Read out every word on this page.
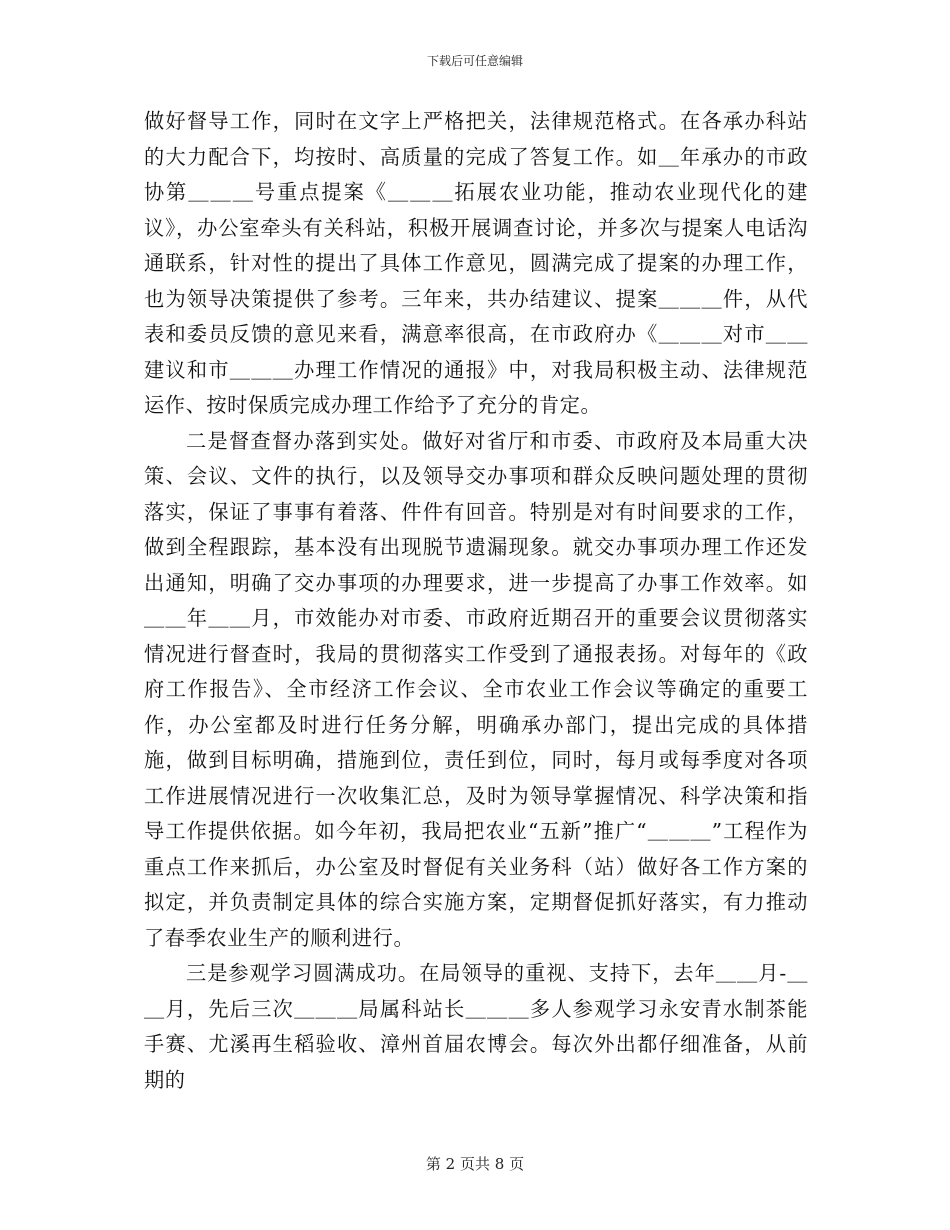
下载后可任意编辑

做好督导工作，同时在文字上严格把关，法律规范格式。在各承办科站的大力配合下，均按时、高质量的完成了答复工作。如＿年承办的市政协第＿＿＿号重点提案《＿＿＿拓展农业功能，推动农业现代化的建议》，办公室牵头有关科站，积极开展调查讨论，并多次与提案人电话沟通联系，针对性的提出了具体工作意见，圆满完成了提案的办理工作，也为领导决策提供了参考。三年来，共办结建议、提案＿＿＿件，从代表和委员反馈的意见来看，满意率很高，在市政府办《＿＿＿对市＿＿建议和市＿＿＿办理工作情况的通报》中，对我局积极主动、法律规范运作、按时保质完成办理工作给予了充分的肯定。

二是督查督办落到实处。做好对省厅和市委、市政府及本局重大决策、会议、文件的执行，以及领导交办事项和群众反映问题处理的贯彻落实，保证了事事有着落、件件有回音。特别是对有时间要求的工作，做到全程跟踪，基本没有出现脱节遗漏现象。就交办事项办理工作还发出通知，明确了交办事项的办理要求，进一步提高了办事工作效率。如＿＿年＿＿月，市效能办对市委、市政府近期召开的重要会议贯彻落实情况进行督查时，我局的贯彻落实工作受到了通报表扬。对每年的《政府工作报告》、全市经济工作会议、全市农业工作会议等确定的重要工作，办公室都及时进行任务分解，明确承办部门，提出完成的具体措施，做到目标明确，措施到位，责任到位，同时，每月或每季度对各项工作进展情况进行一次收集汇总，及时为领导掌握情况、科学决策和指导工作提供依据。如今年初，我局把农业“五新”推广“＿＿＿”工程作为重点工作来抓后，办公室及时督促有关业务科（站）做好各工作方案的拟定，并负责制定具体的综合实施方案，定期督促抓好落实，有力推动了春季农业生产的顺利进行。

三是参观学习圆满成功。在局领导的重视、支持下，去年＿＿月-＿＿月，先后三次＿＿＿局属科站长＿＿＿多人参观学习永安青水制茶能手赛、尤溪再生稻验收、漳州首届农博会。每次外出都仔细准备，从前期的

第 2 页共 8 页
